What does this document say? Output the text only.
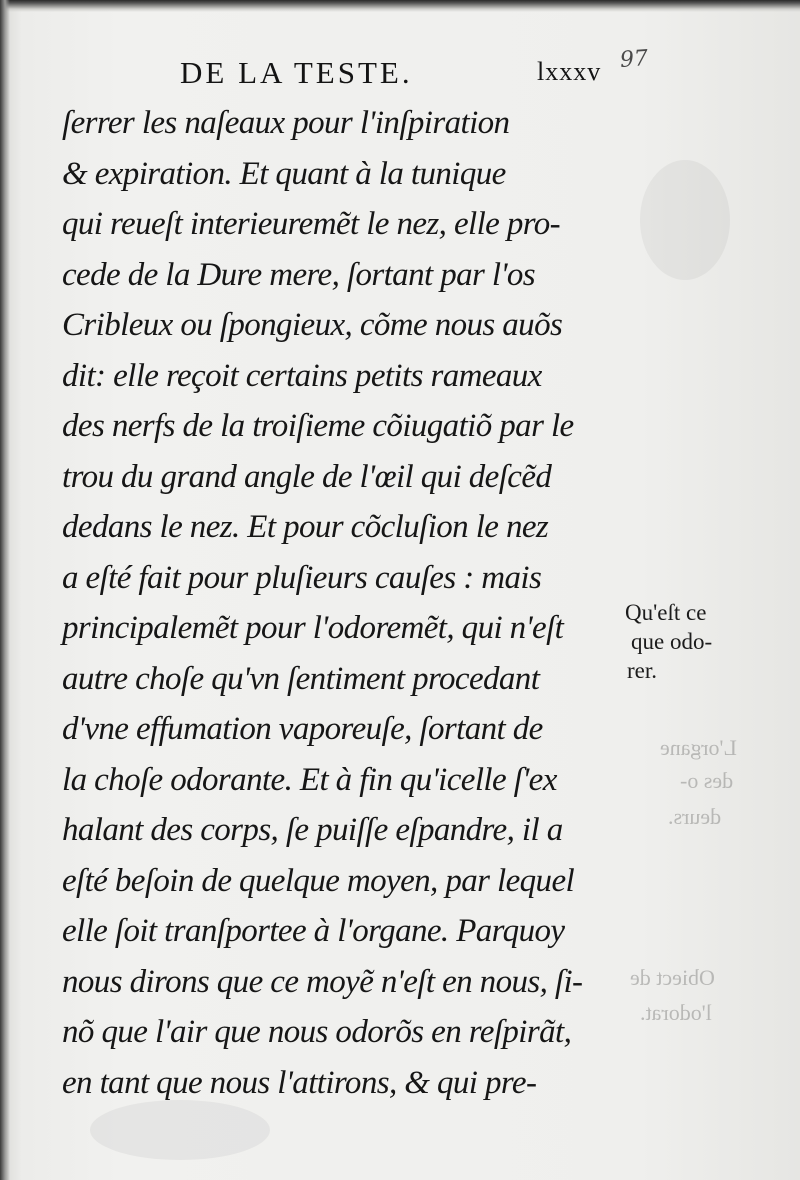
DE LA TESTE.	lxxxv 97
ſerrer les naſeaux pour l'inſpiration
& expiration. Et quant à la tunique
qui reueſt interieuremẽt le nez, elle pro-
cede de la Dure mere, ſortant par l'os
Cribleux ou ſpongieux, cõme nous auõs
dit: elle reçoit certains petits rameaux
des nerfs de la troiſieme cõiugatiõ par le
trou du grand angle de l'œil qui deſcẽd
dedans le nez. Et pour cõcluſion le nez
a eſté fait pour pluſieurs cauſes : mais
principalemẽt pour l'odoremẽt, qui n'eſt
autre choſe qu'vn ſentiment procedant
d'vne effumation vaporeuſe, ſortant de
la choſe odorante. Et à fin qu'icelle ſ'ex
halant des corps, ſe puiſſe eſpandre, il a
eſté beſoin de quelque moyen, par lequel
elle ſoit tranſportee à l'organe. Parquoy
nous dirons que ce moyẽ n'eſt en nous, ſi-
nõ que l'air que nous odorõs en reſpirãt,
en tant que nous l'attirons, & qui pre-
Qu'eſt ce
que odo-
rer.
L'organe
des o-
deurs.
Obiect de
l'odorat.
